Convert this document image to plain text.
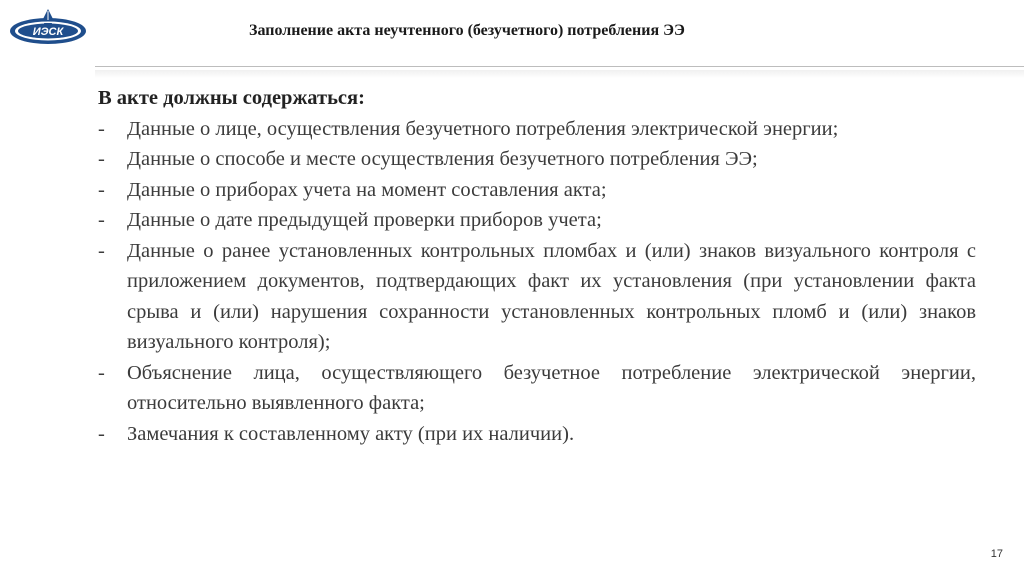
ИЭСК	Заполнение акта неучтенного (безучетного) потребления ЭЭ

В акте должны содержаться:

- Данные о лице, осуществления безучетного потребления электрической энергии;
- Данные о способе и месте осуществления безучетного потребления ЭЭ;
- Данные о приборах учета на момент составления акта;
- Данные о дате предыдущей проверки приборов учета;
- Данные о ранее установленных контрольных пломбах и (или) знаков визуального контроля с приложением документов, подтвердающих факт их установления (при установлении факта срыва и (или) нарушения сохранности установленных контрольных пломб и (или) знаков визуального контроля);
- Объяснение лица, осуществляющего безучетное потребление электрической энергии, относительно выявленного факта;
- Замечания к составленному акту (при их наличии).
17
